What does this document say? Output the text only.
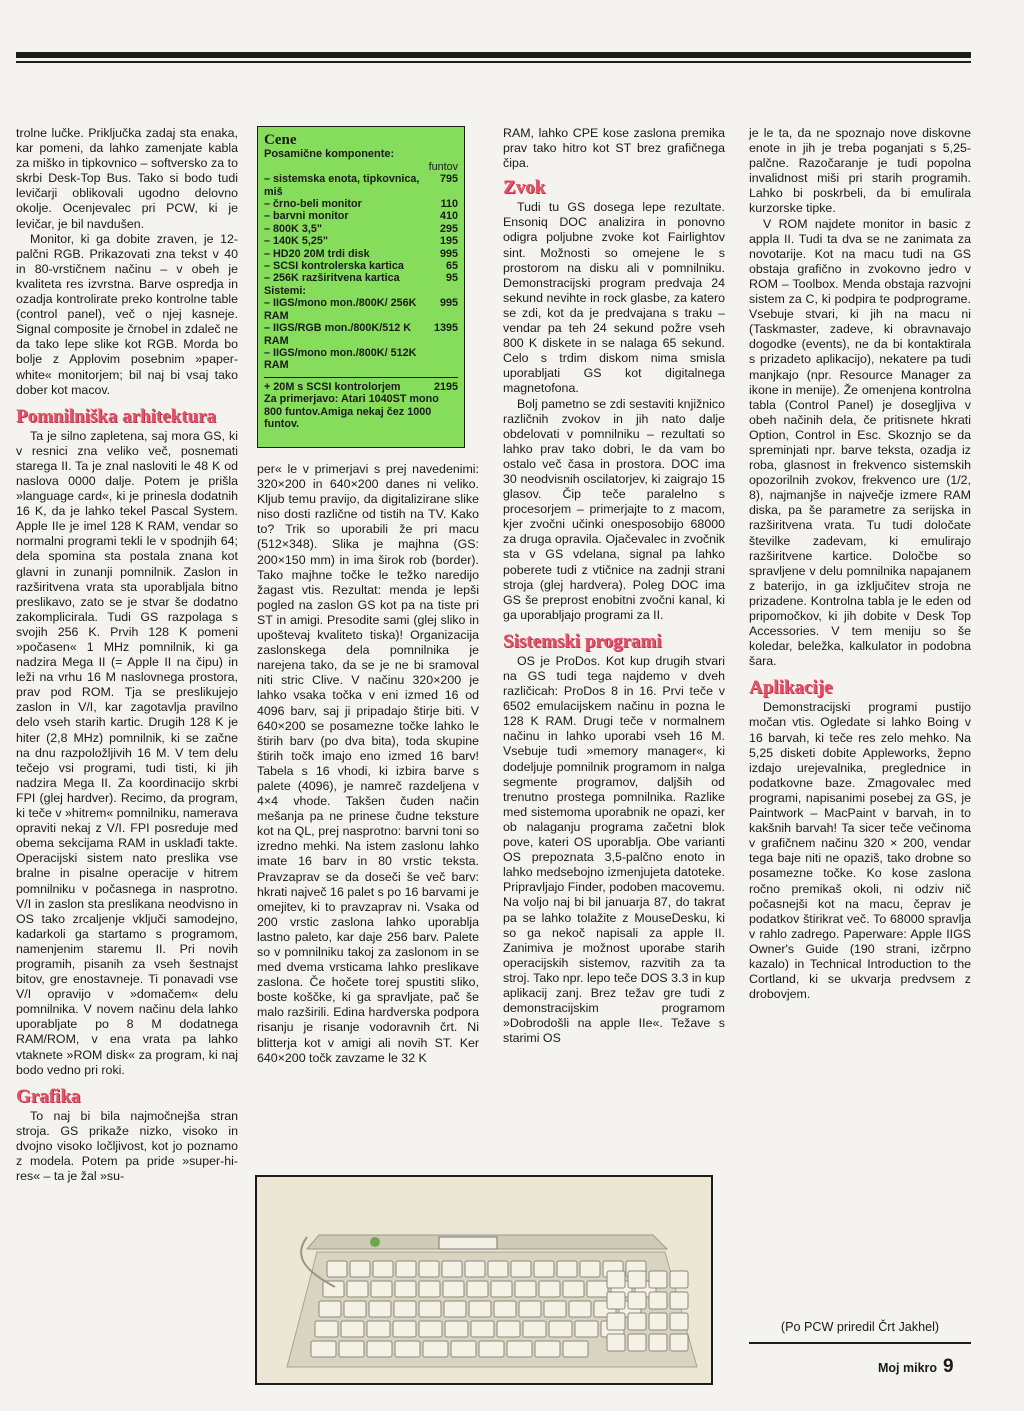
trolne lučke. Priključka zadaj sta enaka, kar pomeni, da lahko zamenjate kabla za miško in tipkovnico – softversko za to skrbi Desk-Top Bus. Tako si bodo tudi levičarji oblikovali ugodno delovno okolje. Ocenjevalec pri PCW, ki je levičar, je bil navdušen.

Monitor, ki ga dobite zraven, je 12-palčni RGB. Prikazovati zna tekst v 40 in 80-vrstičnem načinu – v obeh je kvaliteta res izvrstna. Barve ospredja in ozadja kontrolirate preko kontrolne table (control panel), več o njej kasneje. Signal composite je črnobel in zdaleč ne da tako lepe slike kot RGB. Morda bo bolje z Applovim posebnim »paper-white« monitorjem; bil naj bi vsaj tako dober kot macov.

Pomnilniška arhitektura

Ta je silno zapletena, saj mora GS, ki v resnici zna veliko več, posnemati starega II. Ta je znal nasloviti le 48 K od naslova 0000 dalje. Potem je prišla »language card«, ki je prinesla dodatnih 16 K, da je lahko tekel Pascal System. Apple IIe je imel 128 K RAM, vendar so normalni programi tekli le v spodnjih 64; dela spomina sta postala znana kot glavni in zunanji pomnilnik. Zaslon in razširitvena vrata sta uporabljala bitno preslikavo, zato se je stvar še dodatno zakomplicirala. Tudi GS razpolaga s svojih 256 K. Prvih 128 K pomeni »počasen« 1 MHz pomnilnik, ki ga nadzira Mega II (= Apple II na čipu) in leži na vrhu 16 M naslovnega prostora, prav pod ROM. Tja se preslikujejo zaslon in V/I, kar zagotavlja pravilno delo vseh starih kartic. Drugih 128 K je hiter (2,8 MHz) pomnilnik, ki se začne na dnu razpoložljivih 16 M. V tem delu tečejo vsi programi, tudi tisti, ki jih nadzira Mega II. Za koordinacijo skrbi FPI (glej hardver). Recimo, da program, ki teče v »hitrem« pomnilniku, namerava opraviti nekaj z V/I. FPI posreduje med obema sekcijama RAM in usklađi takte. Operacijski sistem nato preslika vse bralne in pisalne operacije v hitrem pomnilniku v počasnega in nasprotno. V/I in zaslon sta preslikana neodvisno in OS tako zrcaljenje vključi samodejno, kadarkoli ga startamo s programom, namenjenim staremu II. Pri novih programih, pisanih za vseh šestnajst bitov, gre enostavneje. Ti ponavadi vse V/I opravijo v »domačem« delu pomnilnika. V novem načinu dela lahko uporabljate po 8 M dodatnega RAM/ROM, v ena vrata pa lahko vtaknete »ROM disk« za program, ki naj bodo vedno pri roki.

Grafika

To naj bi bila najmočnejša stran stroja. GS prikaže nizko, visoko in dvojno visoko ločljivost, kot jo poznamo z modela. Potem pa pride »super-hi-res« – ta je žal »su-

Cene
Posamične komponente:
funtov
– sistemska enota, tipkovnica, miš
795
– črno-beli monitor	110
– barvni monitor	410
– 800K 3,5"	295
– 140K 5,25"	195
– HD20 20M trdi disk	995
– SCSI kontrolerska kartica	65
– 256K razširitvena kartica	95
Sistemi:
– IIGS/mono mon./800K/ 256K RAM
995
– IIGS/RGB mon./800K/512 K RAM
1395
– IIGS/mono mon./800K/ 512K RAM
+ 20M s SCSI kontrolorjem	2195
Za primerjavo: Atari 1040ST mono 800 funtov.Amiga nekaj čez 1000 funtov.

per« le v primerjavi s prej navedenimi: 320×200 in 640×200 danes ni veliko. Kljub temu pravijo, da digitalizirane slike niso dosti različne od tistih na TV. Kako to? Trik so uporabili že pri macu (512×348). Slika je majhna (GS: 200×150 mm) in ima širok rob (border). Tako majhne točke le težko naredijo žagast vtis. Rezultat: menda je lepši pogled na zaslon GS kot pa na tiste pri ST in amigi. Presodite sami (glej sliko in upoštevaj kvaliteto tiska)! Organizacija zaslonskega dela pomnilnika je narejena tako, da se je ne bi sramoval niti stric Clive. V načinu 320×200 je lahko vsaka točka v eni izmed 16 od 4096 barv, saj ji pripadajo štirje biti. V 640×200 se posamezne točke lahko le štirih barv (po dva bita), toda skupine štirih točk imajo eno izmed 16 barv! Tabela s 16 vhodi, ki izbira barve s palete (4096), je namreč razdeljena v 4×4 vhode. Takšen čuden način mešanja pa ne prinese čudne teksture kot na QL, prej nasprotno: barvni toni so izredno mehki. Na istem zaslonu lahko imate 16 barv in 80 vrstic teksta. Pravzaprav se da doseči še več barv: hkrati največ 16 palet s po 16 barvami je omejitev, ki to pravzaprav ni. Vsaka od 200 vrstic zaslona lahko uporablja lastno paleto, kar daje 256 barv. Palete so v pomnilniku takoj za zaslonom in se med dvema vrsticama lahko preslikave zaslona. Če hočete torej spustiti sliko, boste koščke, ki ga spravljate, pač še malo razširili. Edina hardverska podpora risanju je risanje vodoravnih črt. Ni blitterja kot v amigi ali novih ST. Ker 640×200 točk zavzame le 32 K

RAM, lahko CPE kose zaslona premika prav tako hitro kot ST brez grafičnega čipa.

Zvok

Tudi tu GS dosega lepe rezultate. Ensoniq DOC analizira in ponovno odigra poljubne zvoke kot Fairlightov sint. Možnosti so omejene le s prostorom na disku ali v pomnilniku. Demonstracijski program predvaja 24 sekund nevihte in rock glasbe, za katero se zdi, kot da je predvajana s traku – vendar pa teh 24 sekund požre vseh 800 K diskete in se nalaga 65 sekund. Celo s trdim diskom nima smisla uporabljati GS kot digitalnega magnetofona.

Bolj pametno se zdi sestaviti knjižnico različnih zvokov in jih nato dalje obdelovati v pomnilniku – rezultati so lahko prav tako dobri, le da vam bo ostalo več časa in prostora. DOC ima 30 neodvisnih oscilatorjev, ki zaigrajo 15 glasov. Čip teče paralelno s procesorjem – primerjajte to z macom, kjer zvočni učinki onesposobijo 68000 za druga opravila. Ojačevalec in zvočnik sta v GS vdelana, signal pa lahko poberete tudi z vtičnice na zadnji strani stroja (glej hardvera). Poleg DOC ima GS še preprost enobitni zvočni kanal, ki ga uporabljajo programi za II.

Sistemski programi

OS je ProDos. Kot kup drugih stvari na GS tudi tega najdemo v dveh različicah: ProDos 8 in 16. Prvi teče v 6502 emulacijskem načinu in pozna le 128 K RAM. Drugi teče v normalnem načinu in lahko uporabi vseh 16 M. Vsebuje tudi »memory manager«, ki dodeljuje pomnilnik programom in nalga segmente programov, daljših od trenutno prostega pomnilnika. Razlike med sistemoma uporabnik ne opazi, ker ob nalaganju programa začetni blok pove, kateri OS uporablja. Obe varianti OS prepoznata 3,5-palčno enoto in lahko medsebojno izmenjujeta datoteke. Pripravljajo Finder, podoben macovemu. Na voljo naj bi bil januarja 87, do takrat pa se lahko tolažite z MouseDesku, ki so ga nekoč napisali za apple II. Zanimiva je možnost uporabe starih operacijskih sistemov, razvitih za ta stroj. Tako npr. lepo teče DOS 3.3 in kup aplikacij zanj. Brez težav gre tudi z demonstracijskim programom »Dobrodošli na apple IIe«. Težave s starimi OS

je le ta, da ne spoznajo nove diskovne enote in jih je treba poganjati s 5,25- palčne. Razočaranje je tudi popolna invalidnost miši pri starih programih. Lahko bi poskrbeli, da bi emulirala kurzorske tipke.

V ROM najdete monitor in basic z appla II. Tudi ta dva se ne zanimata za novotarije. Kot na macu tudi na GS obstaja grafično in zvokovno jedro v ROM – Toolbox. Menda obstaja razvojni sistem za C, ki podpira te podprograme. Vsebuje stvari, ki jih na macu ni (Taskmaster, zadeve, ki obravnavajo dogodke (events), ne da bi kontaktirala s prizadeto aplikacijo), nekatere pa tudi manjkajo (npr. Resource Manager za ikone in menije). Že omenjena kontrolna tabla (Control Panel) je dosegljiva v obeh načinih dela, če pritisnete hkrati Option, Control in Esc. Skoznjo se da spreminjati npr. barve teksta, ozadja iz roba, glasnost in frekvenco sistemskih opozorilnih zvokov, frekvenco ure (1/2, 8), najmanjše in največje izmere RAM diska, pa še parametre za serijska in razširitvena vrata. Tu tudi določate številke zadevam, ki emulirajo razširitvene kartice. Določbe so spravljene v delu pomnilnika napajanem z baterijo, in ga izključitev stroja ne prizadene. Kontrolna tabla je le eden od pripomočkov, ki jih dobite v Desk Top Accessories. V tem meniju so še koledar, beležka, kalkulator in podobna šara.

Aplikacije

Demonstracijski programi pustijo močan vtis. Ogledate si lahko Boing v 16 barvah, ki teče res zelo mehko. Na 5,25 disketi dobite Appleworks, žepno izdajo urejevalnika, preglednice in podatkovne baze. Zmagovalec med programi, napisanimi posebej za GS, je Paintwork – MacPaint v barvah, in to kakšnih barvah! Ta sicer teče večinoma v grafičnem načinu 320 × 200, vendar tega baje niti ne opaziš, tako drobne so posamezne točke. Ko kose zaslona ročno premikaš okoli, ni odziv nič počasnejši kot na macu, čeprav je podatkov štirikrat več. To 68000 spravlja v rahlo zadrego. Paperware: Apple IIGS Owner's Guide (190 strani, izčrpno kazalo) in Technical Introduction to the Cortland, ki se ukvarja predvsem z drobovjem.

(Po PCW priredil Črt Jakhel)
Moj mikro 9
